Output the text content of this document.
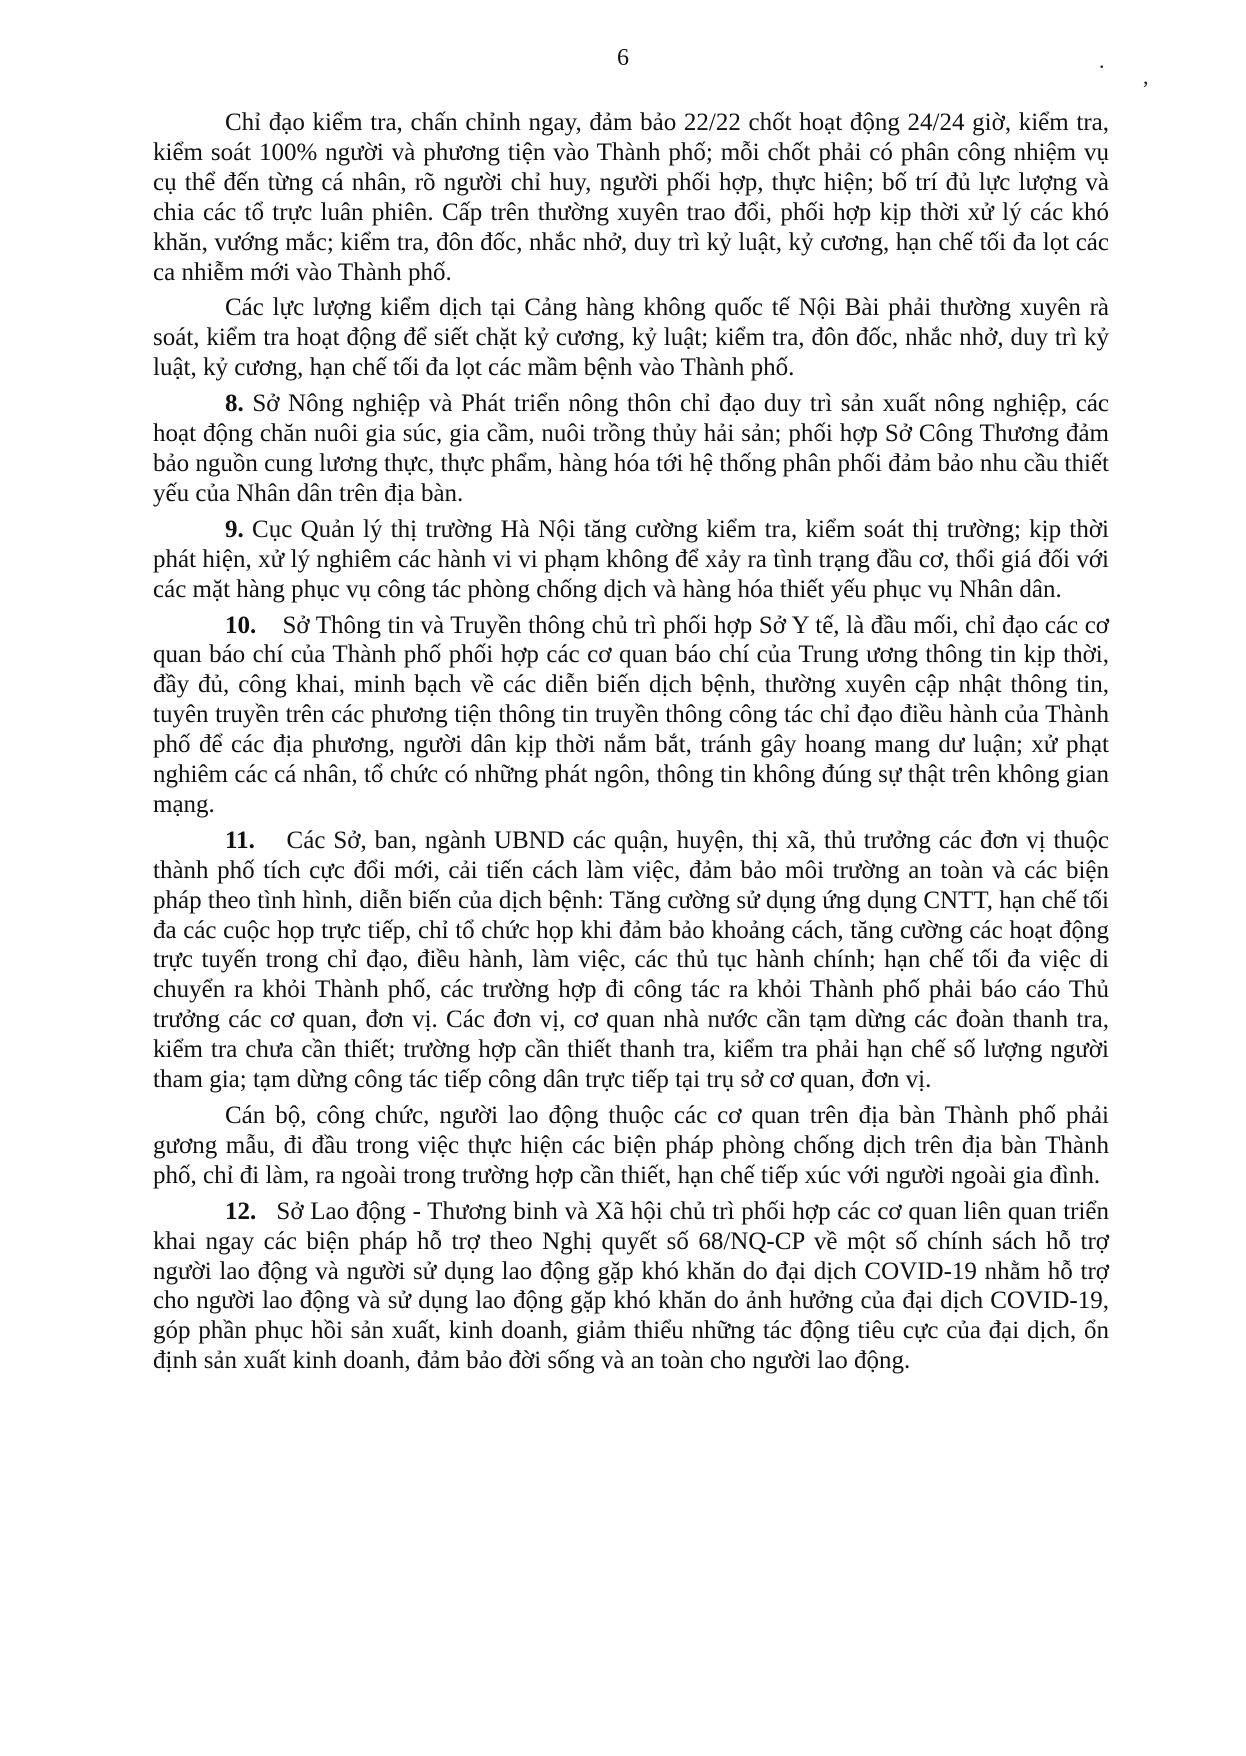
6	.
,

Chỉ đạo kiểm tra, chấn chỉnh ngay, đảm bảo 22/22 chốt hoạt động 24/24 giờ, kiểm tra, kiểm soát 100% người và phương tiện vào Thành phố; mỗi chốt phải có phân công nhiệm vụ cụ thể đến từng cá nhân, rõ người chỉ huy, người phối hợp, thực hiện; bố trí đủ lực lượng và chia các tổ trực luân phiên. Cấp trên thường xuyên trao đổi, phối hợp kịp thời xử lý các khó khăn, vướng mắc; kiểm tra, đôn đốc, nhắc nhở, duy trì kỷ luật, kỷ cương, hạn chế tối đa lọt các ca nhiễm mới vào Thành phố.

Các lực lượng kiểm dịch tại Cảng hàng không quốc tế Nội Bài phải thường xuyên rà soát, kiểm tra hoạt động để siết chặt kỷ cương, kỷ luật; kiểm tra, đôn đốc, nhắc nhở, duy trì kỷ luật, kỷ cương, hạn chế tối đa lọt các mầm bệnh vào Thành phố.

8. Sở Nông nghiệp và Phát triển nông thôn chỉ đạo duy trì sản xuất nông nghiệp, các hoạt động chăn nuôi gia súc, gia cầm, nuôi trồng thủy hải sản; phối hợp Sở Công Thương đảm bảo nguồn cung lương thực, thực phẩm, hàng hóa tới hệ thống phân phối đảm bảo nhu cầu thiết yếu của Nhân dân trên địa bàn.

9. Cục Quản lý thị trường Hà Nội tăng cường kiểm tra, kiểm soát thị trường; kịp thời phát hiện, xử lý nghiêm các hành vi vi phạm không để xảy ra tình trạng đầu cơ, thổi giá đối với các mặt hàng phục vụ công tác phòng chống dịch và hàng hóa thiết yếu phục vụ Nhân dân.

10. Sở Thông tin và Truyền thông chủ trì phối hợp Sở Y tế, là đầu mối, chỉ đạo các cơ quan báo chí của Thành phố phối hợp các cơ quan báo chí của Trung ương thông tin kịp thời, đầy đủ, công khai, minh bạch về các diễn biến dịch bệnh, thường xuyên cập nhật thông tin, tuyên truyền trên các phương tiện thông tin truyền thông công tác chỉ đạo điều hành của Thành phố để các địa phương, người dân kịp thời nắm bắt, tránh gây hoang mang dư luận; xử phạt nghiêm các cá nhân, tổ chức có những phát ngôn, thông tin không đúng sự thật trên không gian mạng.

11. Các Sở, ban, ngành UBND các quận, huyện, thị xã, thủ trưởng các đơn vị thuộc thành phố tích cực đổi mới, cải tiến cách làm việc, đảm bảo môi trường an toàn và các biện pháp theo tình hình, diễn biến của dịch bệnh: Tăng cường sử dụng ứng dụng CNTT, hạn chế tối đa các cuộc họp trực tiếp, chỉ tổ chức họp khi đảm bảo khoảng cách, tăng cường các hoạt động trực tuyến trong chỉ đạo, điều hành, làm việc, các thủ tục hành chính; hạn chế tối đa việc di chuyển ra khỏi Thành phố, các trường hợp đi công tác ra khỏi Thành phố phải báo cáo Thủ trưởng các cơ quan, đơn vị. Các đơn vị, cơ quan nhà nước cần tạm dừng các đoàn thanh tra, kiểm tra chưa cần thiết; trường hợp cần thiết thanh tra, kiểm tra phải hạn chế số lượng người tham gia; tạm dừng công tác tiếp công dân trực tiếp tại trụ sở cơ quan, đơn vị.

Cán bộ, công chức, người lao động thuộc các cơ quan trên địa bàn Thành phố phải gương mẫu, đi đầu trong việc thực hiện các biện pháp phòng chống dịch trên địa bàn Thành phố, chỉ đi làm, ra ngoài trong trường hợp cần thiết, hạn chế tiếp xúc với người ngoài gia đình.

12. Sở Lao động - Thương binh và Xã hội chủ trì phối hợp các cơ quan liên quan triển khai ngay các biện pháp hỗ trợ theo Nghị quyết số 68/NQ-CP về một số chính sách hỗ trợ người lao động và người sử dụng lao động gặp khó khăn do đại dịch COVID-19 nhằm hỗ trợ cho người lao động và sử dụng lao động gặp khó khăn do ảnh hưởng của đại dịch COVID-19, góp phần phục hồi sản xuất, kinh doanh, giảm thiểu những tác động tiêu cực của đại dịch, ổn định sản xuất kinh doanh, đảm bảo đời sống và an toàn cho người lao động.
